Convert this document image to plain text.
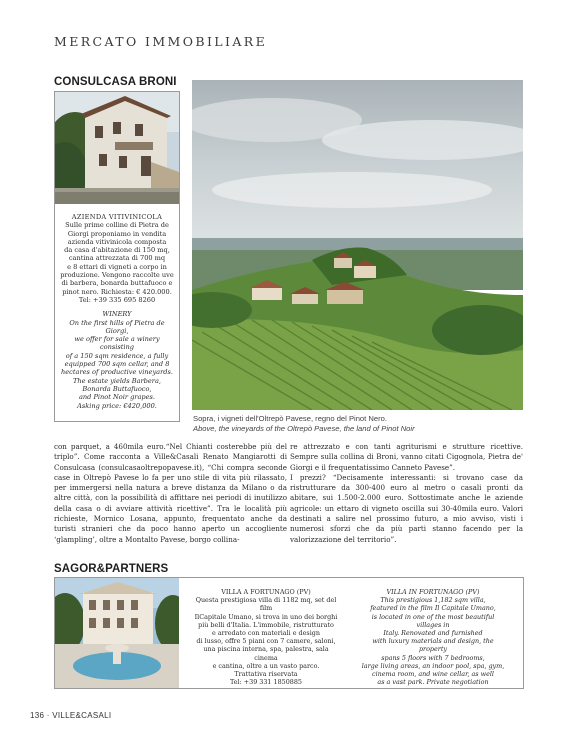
MERCATO IMMOBILIARE
CONSULCASA BRONI
AZIENDA VITIVINICOLA
Sulle prime colline di Pietra de
Giorgi proponiamo in vendita
azienda vitivinicola composta
da casa d'abitazione di 150 mq,
cantina attrezzata di 700 mq
e 8 ettari di vigneti a corpo in
produzione. Vengono raccolte uve
di barbera, bonarda buttafuoco e
pinot nero. Richiesta: € 420.000.
Tel: +39 335 695 8260
WINERY
On the first hills of Pietra de Giorgi,
we offer for sale a winery consisting
of a 150 sqm residence, a fully
equipped 700 sqm cellar, and 8
hectares of productive vineyards.
The estate yields Barbera,
Bonarda Buttafuoco,
and Pinot Noir grapes.
Asking price: €420,000.
Sopra, i vigneti dell'Oltrepò Pavese, regno del Pinot Nero.
Above, the vineyards of the Oltrepò Pavese, the land of Pinot Noir
con parquet, a 460mila euro.“Nel Chianti costerebbe più del triplo”. Come racconta a Ville&Casali Renato Mangiarotti di Consulcasa (consulcasaoltrepopavese.it), “Chi compra seconde case in Oltrepò Pavese lo fa per uno stile di vita più rilassato, per immergersi nella natura a breve distanza da Milano o da altre città, con la possibilità di affittare nei periodi di inutilizzo della casa o di avviare attività ricettive”. Tra le località più richieste, Mornico Losana, appunto, frequentato anche da turisti stranieri che da poco hanno aperto un accogliente ‘glampling’, oltre a Montalto Pavese, borgo collina-
re attrezzato e con tanti agriturismi e strutture ricettive. Sempre sulla collina di Broni, vanno citati Cigognola, Pietra de' Giorgi e il frequentatissimo Canneto Pavese”.
I prezzi? “Decisamente interessanti: si trovano case da ristrutturare da 300-400 euro al metro o casali pronti da abitare, sui 1.500-2.000 euro. Sottostimate anche le aziende agricole: un ettaro di vigneto oscilla sui 30-40mila euro. Valori destinati a salire nel prossimo futuro, a mio avviso, visti i numerosi sforzi che da più parti stanno facendo per la valorizzazione del territorio”.
SAGOR&PARTNERS
VILLA A FORTUNAGO (PV)
Questa prestigiosa villa di 1182 mq, set del film
IlCapitale Umano, si trova in uno dei borghi
più belli d'Italia. L'immobile, ristrutturato
e arredato con materiali e design
di lusso, offre 5 piani con 7 camere, saloni,
una piscina interna, spa, palestra, sala cinema
e cantina, oltre a un vasto parco.
Trattativa riservata
Tel: +39 331 1850885
VILLA IN FORTUNAGO (PV)
This prestigious 1,182 sqm villa,
featured in the film Il Capitale Umano,
is located in one of the most beautiful villages in
Italy. Renovated and furnished
with luxury materials and design, the property
spans 5 floors with 7 bedrooms,
large living areas, an indoor pool, spa, gym,
cinema room, and wine cellar, as well
as a vast park. Private negotiation
136 · VILLE&CASALI
